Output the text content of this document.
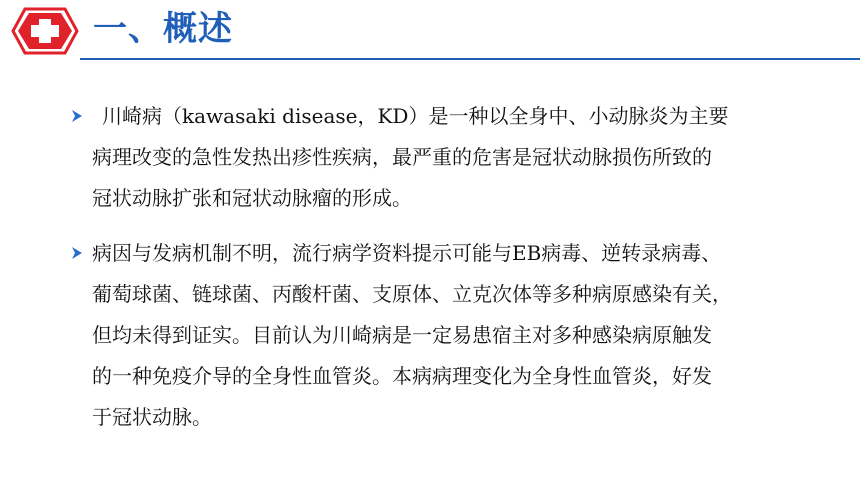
一、概述
川崎病（kawasaki disease，KD）是一种以全身中、小动脉炎为主要
病理改变的急性发热出疹性疾病，最严重的危害是冠状动脉损伤所致的
冠状动脉扩张和冠状动脉瘤的形成。
病因与发病机制不明，流行病学资料提示可能与EB病毒、逆转录病毒、
葡萄球菌、链球菌、丙酸杆菌、支原体、立克次体等多种病原感染有关，
但均未得到证实。目前认为川崎病是一定易患宿主对多种感染病原触发
的一种免疫介导的全身性血管炎。本病病理变化为全身性血管炎，好发
于冠状动脉。
